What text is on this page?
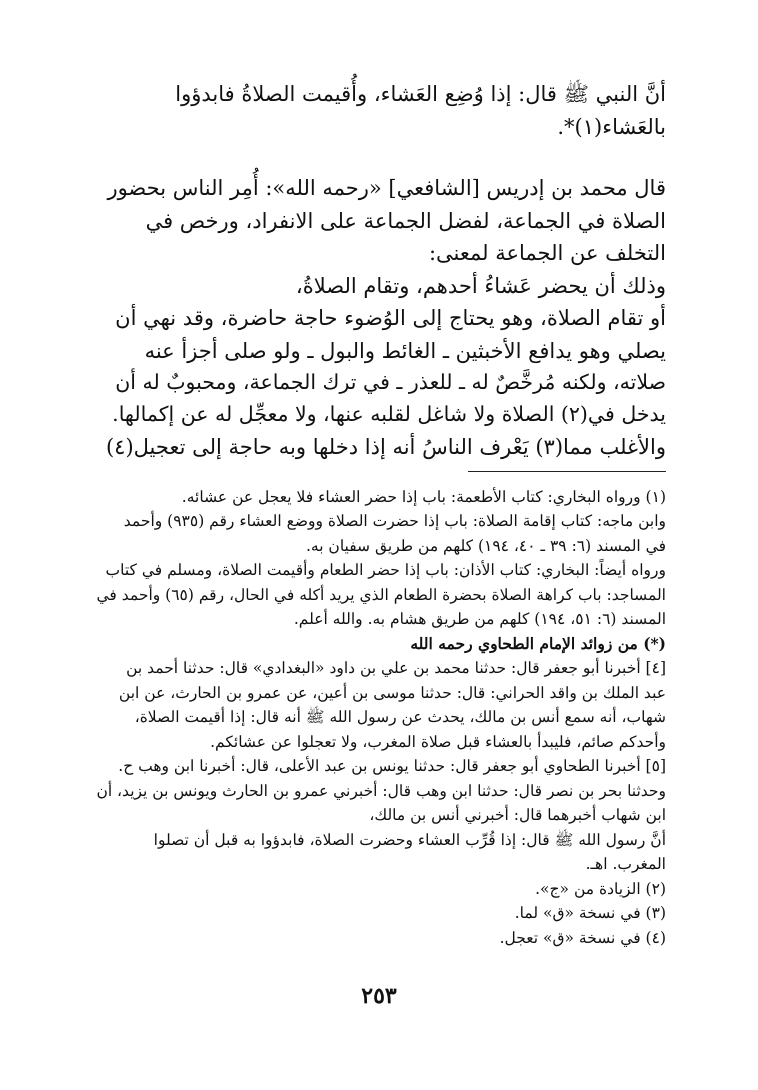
أنَّ النبي ﷺ قال: إذا وُضِع العَشاء، وأُقيمت الصلاةُ فابدؤوا
بالعَشاء(١)*.
قال محمد بن إدريس [الشافعي] «رحمه الله»: أُمِر الناس بحضور
الصلاة في الجماعة، لفضل الجماعة على الانفراد، ورخص في
التخلف عن الجماعة لمعنى:
وذلك أن يحضر عَشاءُ أحدهم، وتقام الصلاةُ،
أو تقام الصلاة، وهو يحتاج إلى الوُضوء حاجة حاضرة، وقد نهي أن
يصلي وهو يدافع الأخبثين ـ الغائط والبول ـ ولو صلى أجزأ عنه
صلاته، ولكنه مُرخَّصٌ له ـ للعذر ـ في ترك الجماعة، ومحبوبٌ له أن
يدخل في(٢) الصلاة ولا شاغل لقلبه عنها، ولا معجِّل له عن إكمالها.
والأغلب مما(٣) يَعْرف الناسُ أنه إذا دخلها وبه حاجة إلى تعجيل(٤)
(١) ورواه البخاري: كتاب الأطعمة: باب إذا حضر العشاء فلا يعجل عن عشائه.
وابن ماجه: كتاب إقامة الصلاة: باب إذا حضرت الصلاة ووضع العشاء رقم (٩٣٥) وأحمد
في المسند (٦: ٣٩ ـ ٤٠، ١٩٤) كلهم من طريق سفيان به.
ورواه أيضاً: البخاري: كتاب الأذان: باب إذا حضر الطعام وأقيمت الصلاة، ومسلم في كتاب
المساجد: باب كراهة الصلاة بحضرة الطعام الذي يريد أكله في الحال، رقم (٦٥) وأحمد في
المسند (٦: ٥١، ١٩٤) كلهم من طريق هشام به. والله أعلم.
(*) من زوائد الإمام الطحاوي رحمه الله
[٤] أخبرنا أبو جعفر قال: حدثنا محمد بن علي بن داود «البغدادي» قال: حدثنا أحمد بن
عبد الملك بن واقد الحراني: قال: حدثنا موسى بن أعين، عن عمرو بن الحارث، عن ابن
شهاب، أنه سمع أنس بن مالك، يحدث عن رسول الله ﷺ أنه قال: إذا أقيمت الصلاة،
وأحدكم صائم، فليبدأ بالعشاء قبل صلاة المغرب، ولا تعجلوا عن عشائكم.
[٥] أخبرنا الطحاوي أبو جعفر قال: حدثنا يونس بن عبد الأعلى، قال: أخبرنا ابن وهب ح.
وحدثنا بحر بن نصر قال: حدثنا ابن وهب قال: أخبرني عمرو بن الحارث ويونس بن يزيد، أن
ابن شهاب أخبرهما قال: أخبرني أنس بن مالك،
أنَّ رسول الله ﷺ قال: إذا قُرِّب العشاء وحضرت الصلاة، فابدؤوا به قبل أن تصلوا
المغرب. اهـ.
(٢) الزيادة من «ج».
(٣) في نسخة «ق» لما.
(٤) في نسخة «ق» تعجل.
٢٥٣
